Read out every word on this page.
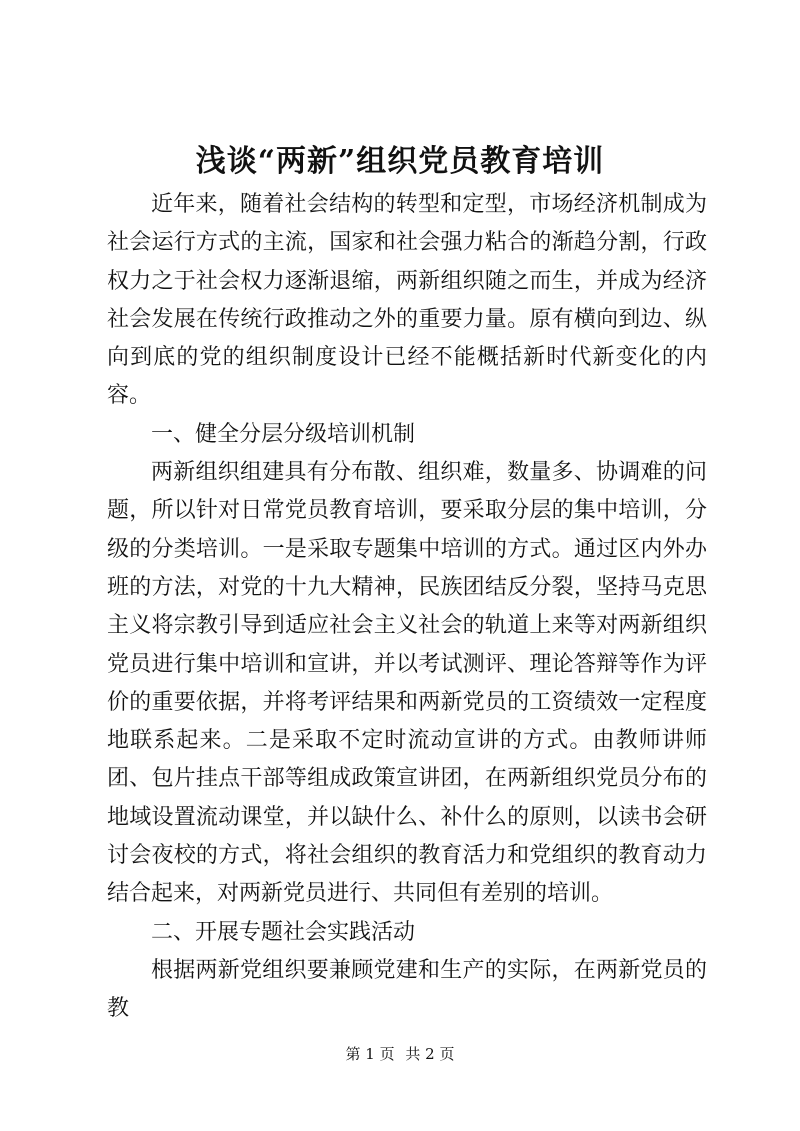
浅谈“两新”组织党员教育培训

近年来，随着社会结构的转型和定型，市场经济机制成为社会运行方式的主流，国家和社会强力粘合的渐趋分割，行政权力之于社会权力逐渐退缩，两新组织随之而生，并成为经济社会发展在传统行政推动之外的重要力量。原有横向到边、纵向到底的党的组织制度设计已经不能概括新时代新变化的内容。

一、健全分层分级培训机制

两新组织组建具有分布散、组织难，数量多、协调难的问题，所以针对日常党员教育培训，要采取分层的集中培训，分级的分类培训。一是采取专题集中培训的方式。通过区内外办班的方法，对党的十九大精神，民族团结反分裂，坚持马克思主义将宗教引导到适应社会主义社会的轨道上来等对两新组织党员进行集中培训和宣讲，并以考试测评、理论答辩等作为评价的重要依据，并将考评结果和两新党员的工资绩效一定程度地联系起来。二是采取不定时流动宣讲的方式。由教师讲师团、包片挂点干部等组成政策宣讲团，在两新组织党员分布的地域设置流动课堂，并以缺什么、补什么的原则，以读书会研讨会夜校的方式，将社会组织的教育活力和党组织的教育动力结合起来，对两新党员进行、共同但有差别的培训。

二、开展专题社会实践活动

根据两新党组织要兼顾党建和生产的实际，在两新党员的教

第 1 页 共 2 页
